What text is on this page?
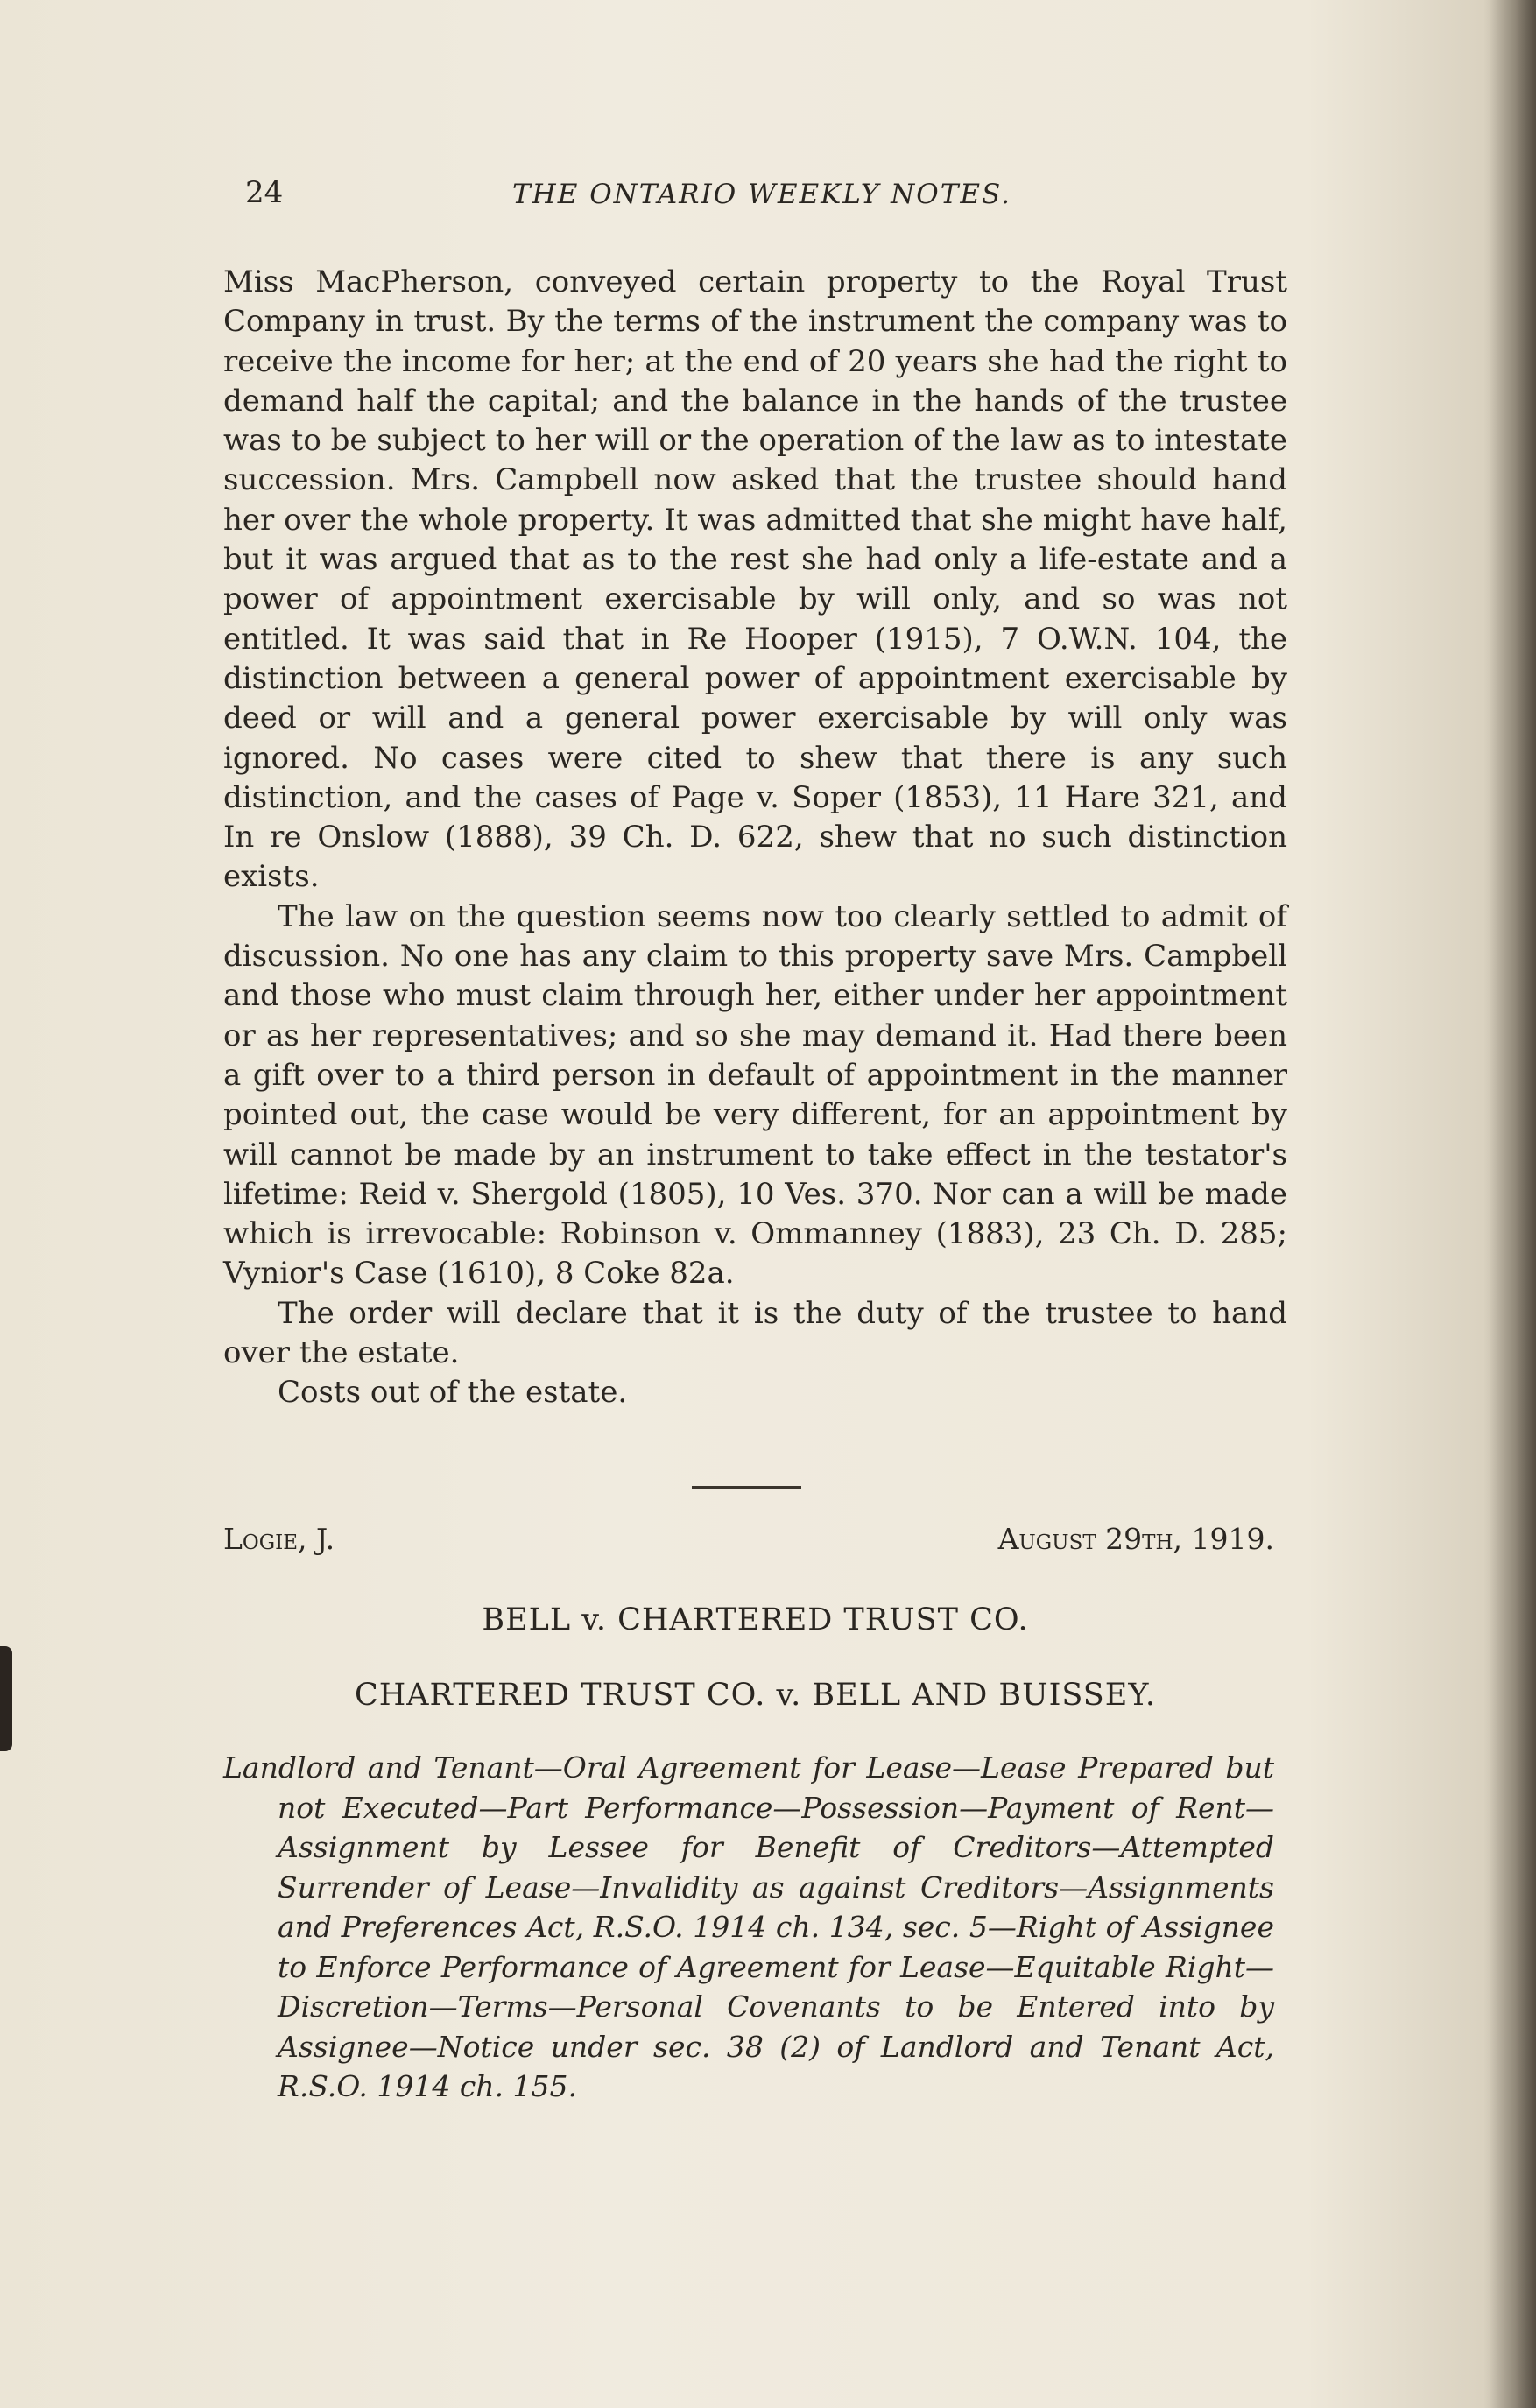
24	THE ONTARIO WEEKLY NOTES.

Miss MacPherson, conveyed certain property to the Royal Trust Company in trust. By the terms of the instrument the company was to receive the income for her; at the end of 20 years she had the right to demand half the capital; and the balance in the hands of the trustee was to be subject to her will or the operation of the law as to intestate succession. Mrs. Campbell now asked that the trustee should hand her over the whole property. It was admitted that she might have half, but it was argued that as to the rest she had only a life-estate and a power of appointment exercisable by will only, and so was not entitled. It was said that in Re Hooper (1915), 7 O.W.N. 104, the distinction between a general power of appointment exercisable by deed or will and a general power exercisable by will only was ignored. No cases were cited to shew that there is any such distinction, and the cases of Page v. Soper (1853), 11 Hare 321, and In re Onslow (1888), 39 Ch. D. 622, shew that no such distinction exists.

The law on the question seems now too clearly settled to admit of discussion. No one has any claim to this property save Mrs. Campbell and those who must claim through her, either under her appointment or as her representatives; and so she may demand it. Had there been a gift over to a third person in default of appointment in the manner pointed out, the case would be very different, for an appointment by will cannot be made by an instrument to take effect in the testator's lifetime: Reid v. Shergold (1805), 10 Ves. 370. Nor can a will be made which is irrevocable: Robinson v. Ommanney (1883), 23 Ch. D. 285; Vynior's Case (1610), 8 Coke 82a.

The order will declare that it is the duty of the trustee to hand over the estate.

Costs out of the estate.

Logie, J.	August 29th, 1919.
BELL v. CHARTERED TRUST CO.
CHARTERED TRUST CO. v. BELL AND BUISSEY.
Landlord and Tenant—Oral Agreement for Lease—Lease Prepared but not Executed—Part Performance—Possession—Payment of Rent—Assignment by Lessee for Benefit of Creditors—Attempted Surrender of Lease—Invalidity as against Creditors—Assignments and Preferences Act, R.S.O. 1914 ch. 134, sec. 5—Right of Assignee to Enforce Performance of Agreement for Lease—Equitable Right—Discretion—Terms—Personal Covenants to be Entered into by Assignee—Notice under sec. 38 (2) of Landlord and Tenant Act, R.S.O. 1914 ch. 155.
